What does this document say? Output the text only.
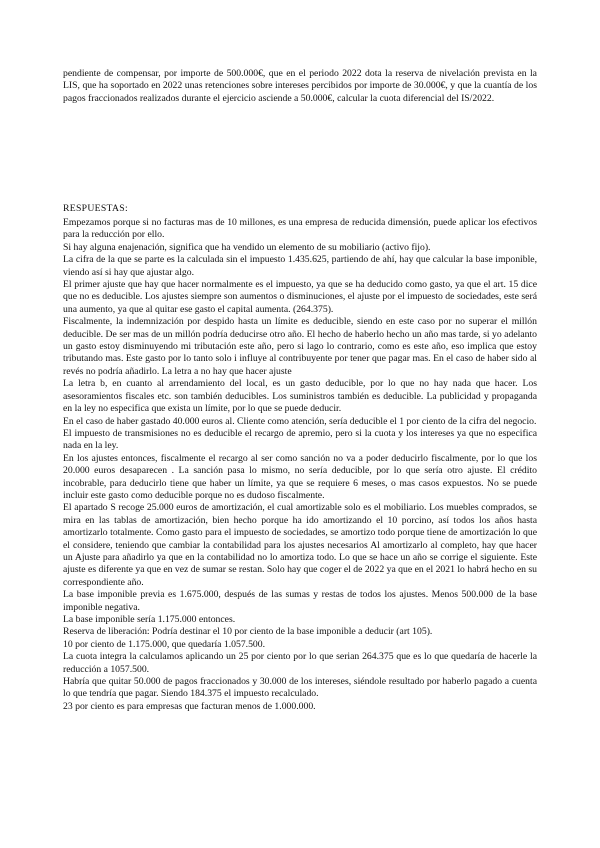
pendiente de compensar, por importe de 500.000€, que en el periodo 2022 dota la reserva de nivelación prevista en la LIS, que ha soportado en 2022 unas retenciones sobre intereses percibidos por importe de 30.000€, y que la cuantía de los pagos fraccionados realizados durante el ejercicio asciende a 50.000€, calcular la cuota diferencial del IS/2022.
RESPUESTAS:

Empezamos porque si no facturas mas de 10 millones, es una empresa de reducida dimensión, puede aplicar los efectivos para la reducción por ello.

Si hay alguna enajenación, significa que ha vendido un elemento de su mobiliario (activo fijo).

La cifra de la que se parte es la calculada sin el impuesto 1.435.625, partiendo de ahí, hay que calcular la base imponible, viendo así si hay que ajustar algo.

El primer ajuste que hay que hacer normalmente es el impuesto, ya que se ha deducido como gasto, ya que el art. 15 dice que no es deducible. Los ajustes siempre son aumentos o disminuciones, el ajuste por el impuesto de sociedades, este será una aumento, ya que al quitar ese gasto el capital aumenta. (264.375).

Fiscalmente, la indemnización por despido hasta un límite es deducible, siendo en este caso por no superar el millón deducible. De ser mas de un millón podría deducirse otro año. El hecho de haberlo hecho un año mas tarde, si yo adelanto un gasto estoy disminuyendo mi tributación este año, pero si lago lo contrario, como es este año, eso implica que estoy tributando mas. Este gasto por lo tanto solo i influye al contribuyente por tener que pagar mas. En el caso de haber sido al revés no podría añadirlo. La letra a no hay que hacer ajuste

La letra b, en cuanto al arrendamiento del local, es un gasto deducible, por lo que no hay nada que hacer. Los asesoramientos fiscales etc. son también deducibles. Los suministros también es deducible. La publicidad y propaganda en la ley no especifica que exista un límite, por lo que se puede deducir.

En el caso de haber gastado 40.000 euros al. Cliente como atención, sería deducible el 1 por ciento de la cifra del negocio.

El impuesto de transmisiones no es deducible el recargo de apremio, pero si la cuota y los intereses ya que no especifica nada en la ley.

En los ajustes entonces, fiscalmente el recargo al ser como sanción no va a poder deducirlo fiscalmente, por lo que los 20.000 euros desaparecen . La sanción pasa lo mismo, no sería deducible, por lo que sería otro ajuste. El crédito incobrable, para deducirlo tiene que haber un límite, ya que se requiere 6 meses, o mas casos expuestos. No se puede incluir este gasto como deducible porque no es dudoso fiscalmente.

El apartado S recoge 25.000 euros de amortización, el cual amortizable solo es el mobiliario. Los muebles comprados, se mira en las tablas de amortización, bien hecho porque ha ido amortizando el 10 porcino, así todos los años hasta amortizarlo totalmente. Como gasto para el impuesto de sociedades, se amortizo todo porque tiene de amortización lo que el considere, teniendo que cambiar la contabilidad para los ajustes necesarios Al amortizarlo al completo, hay que hacer un Ajuste para añadirlo ya que en la contabilidad no lo amortiza todo. Lo que se hace un año se corrige el siguiente. Este ajuste es diferente ya que en vez de sumar se restan. Solo hay que coger el de 2022 ya que en el 2021 lo habrá hecho en su correspondiente año.

La base imponible previa es 1.675.000, después de las sumas y restas de todos los ajustes. Menos 500.000 de la base imponible negativa.

La base imponible sería 1.175.000 entonces.

Reserva de liberación: Podría destinar el 10 por ciento de la base imponible a deducir (art 105).

10 por ciento de 1.175.000, que quedaría 1.057.500.

La cuota integra la calculamos aplicando un 25 por ciento por lo que serian 264.375 que es lo que quedaría de hacerle la reducción a 1057.500.

Habría que quitar 50.000 de pagos fraccionados y 30.000 de los intereses, siéndole resultado por haberlo pagado a cuenta lo que tendría que pagar. Siendo 184.375 el impuesto recalculado.

23 por ciento es para empresas que facturan menos de 1.000.000.
